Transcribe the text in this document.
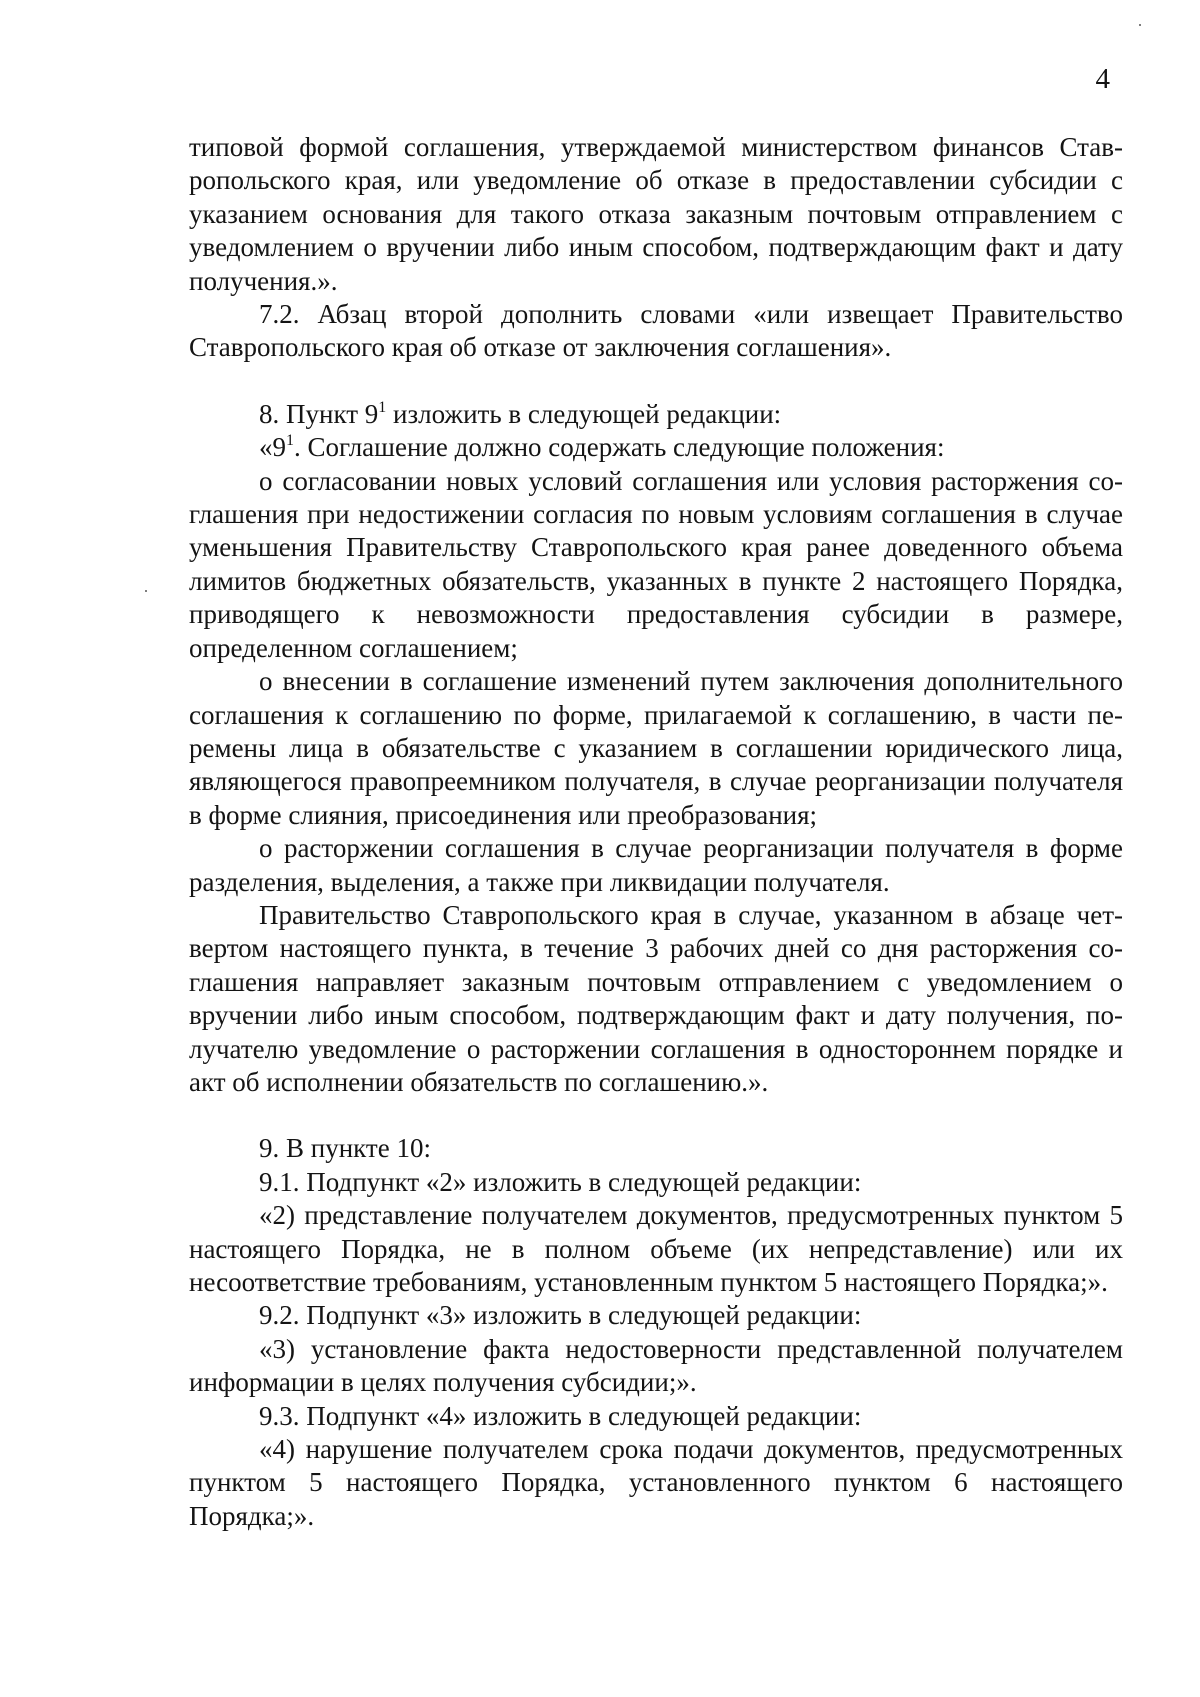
4

типовой формой соглашения, утверждаемой министерством финансов Ставропольского края, или уведомление об отказе в предоставлении субсидии с указанием основания для такого отказа заказным почтовым отправлением с уведомлением о вручении либо иным способом, подтверждающим факт и дату получения.».

7.2. Абзац второй дополнить словами «или извещает Правительство Ставропольского края об отказе от заключения соглашения».

8. Пункт $9^1$ изложить в следующей редакции:

«$9^1$. Соглашение должно содержать следующие положения:

о согласовании новых условий соглашения или условия расторжения соглашения при недостижении согласия по новым условиям соглашения в случае уменьшения Правительству Ставропольского края ранее доведенного объема лимитов бюджетных обязательств, указанных в пункте 2 настоящего Порядка, приводящего к невозможности предоставления субсидии в размере, определенном соглашением;

о внесении в соглашение изменений путем заключения дополнительного соглашения к соглашению по форме, прилагаемой к соглашению, в части перемены лица в обязательстве с указанием в соглашении юридического лица, являющегося правопреемником получателя, в случае реорганизации получателя в форме слияния, присоединения или преобразования;

о расторжении соглашения в случае реорганизации получателя в форме разделения, выделения, а также при ликвидации получателя.

Правительство Ставропольского края в случае, указанном в абзаце четвертом настоящего пункта, в течение 3 рабочих дней со дня расторжения соглашения направляет заказным почтовым отправлением с уведомлением о вручении либо иным способом, подтверждающим факт и дату получения, получателю уведомление о расторжении соглашения в одностороннем порядке и акт об исполнении обязательств по соглашению.».

9. В пункте 10:

9.1. Подпункт «2» изложить в следующей редакции:

«2) представление получателем документов, предусмотренных пунктом 5 настоящего Порядка, не в полном объеме (их непредставление) или их несоответствие требованиям, установленным пунктом 5 настоящего Порядка;».

9.2. Подпункт «3» изложить в следующей редакции:

«3) установление факта недостоверности представленной получателем информации в целях получения субсидии;».

9.3. Подпункт «4» изложить в следующей редакции:

«4) нарушение получателем срока подачи документов, предусмотренных пунктом 5 настоящего Порядка, установленного пунктом 6 настоящего Порядка;».
